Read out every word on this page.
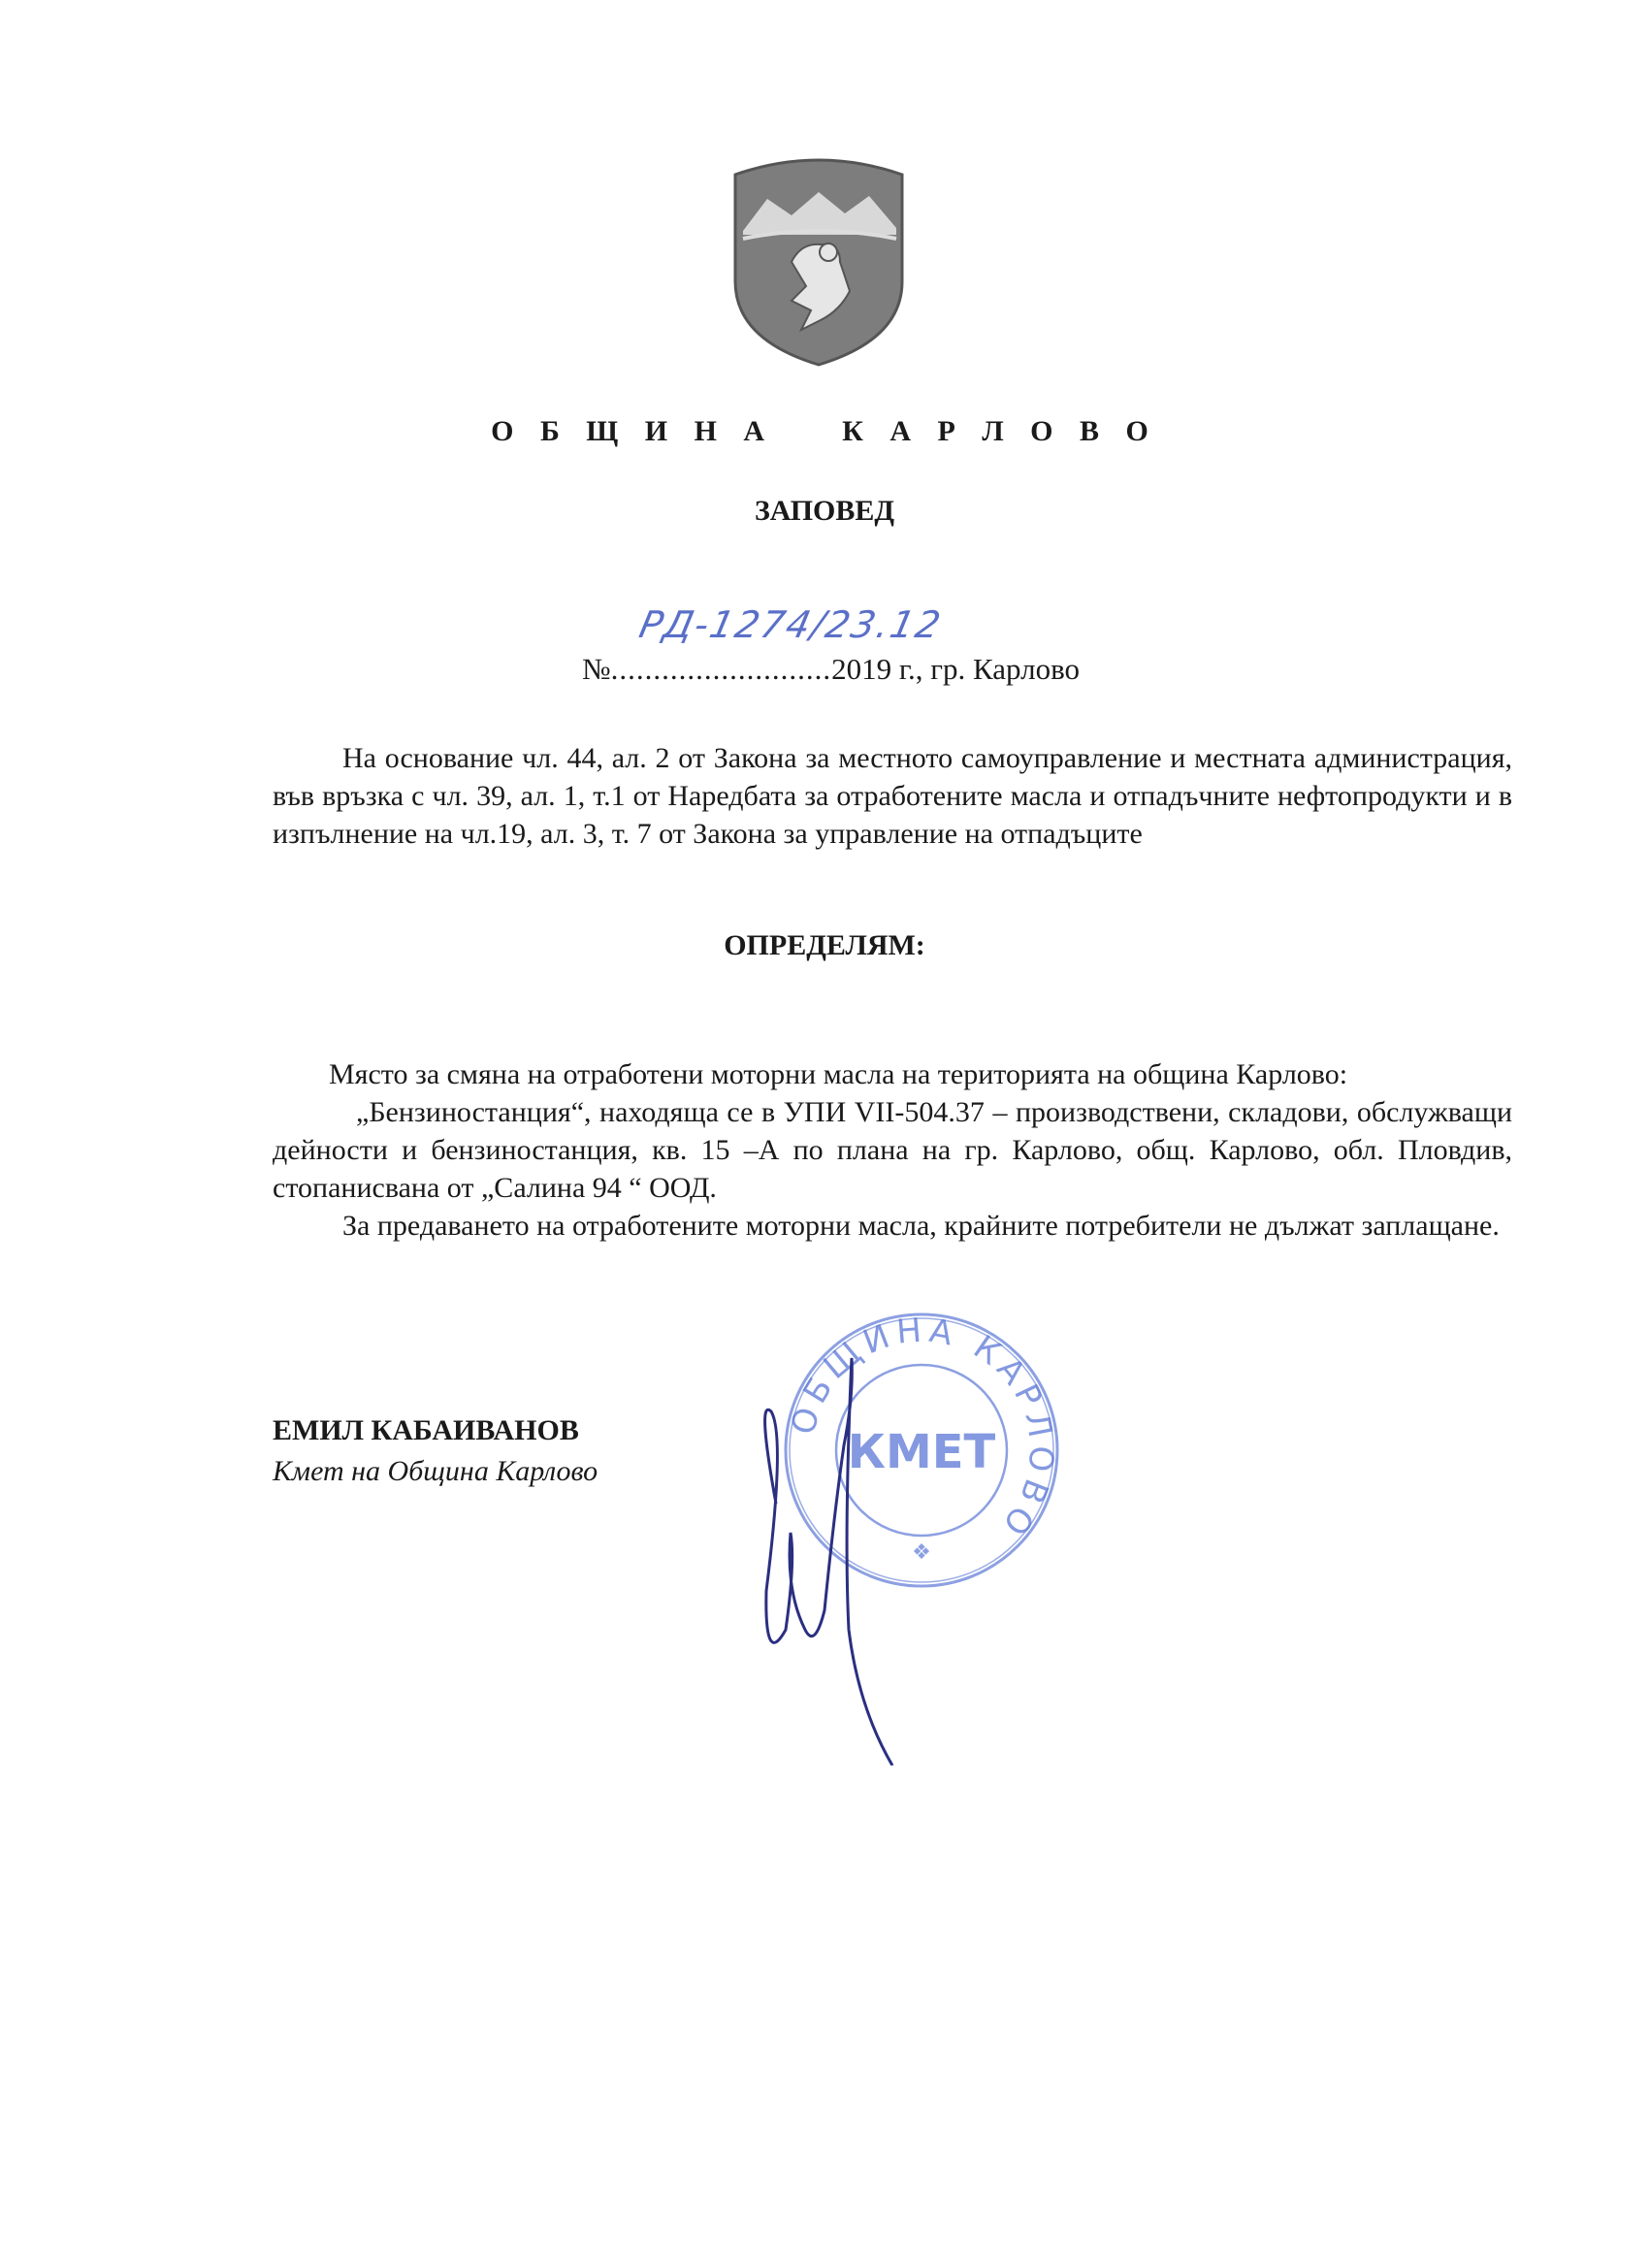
О Б Щ И Н А    К А Р Л О В О
ЗАПОВЕД
№..........................
РД-1274/23.12
2019 г., гр. Карлово
На основание чл. 44, ал. 2 от Закона за местното самоуправление и местната администрация, във връзка с чл. 39, ал. 1, т.1 от Наредбата за отработените масла и отпадъчните нефтопродукти и в изпълнение на чл.19, ал. 3, т. 7 от Закона за управление на отпадъците
ОПРЕДЕЛЯМ:
Място за смяна на отработени моторни масла на територията на община Карлово:
„Бензиностанция“, находяща се в УПИ VII-504.37 – производствени, складови, обслужващи дейности и бензиностанция, кв. 15 –А по плана на гр. Карлово, общ. Карлово, обл. Пловдив, стопанисвана от „Салина 94 “ ООД.
За предаването на отработените моторни масла, крайните потребители не дължат заплащане.
ЕМИЛ КАБАИВАНОВ
Кмет на Община Карлово
ОБЩИНА КАРЛОВО
КМЕТ
❖
